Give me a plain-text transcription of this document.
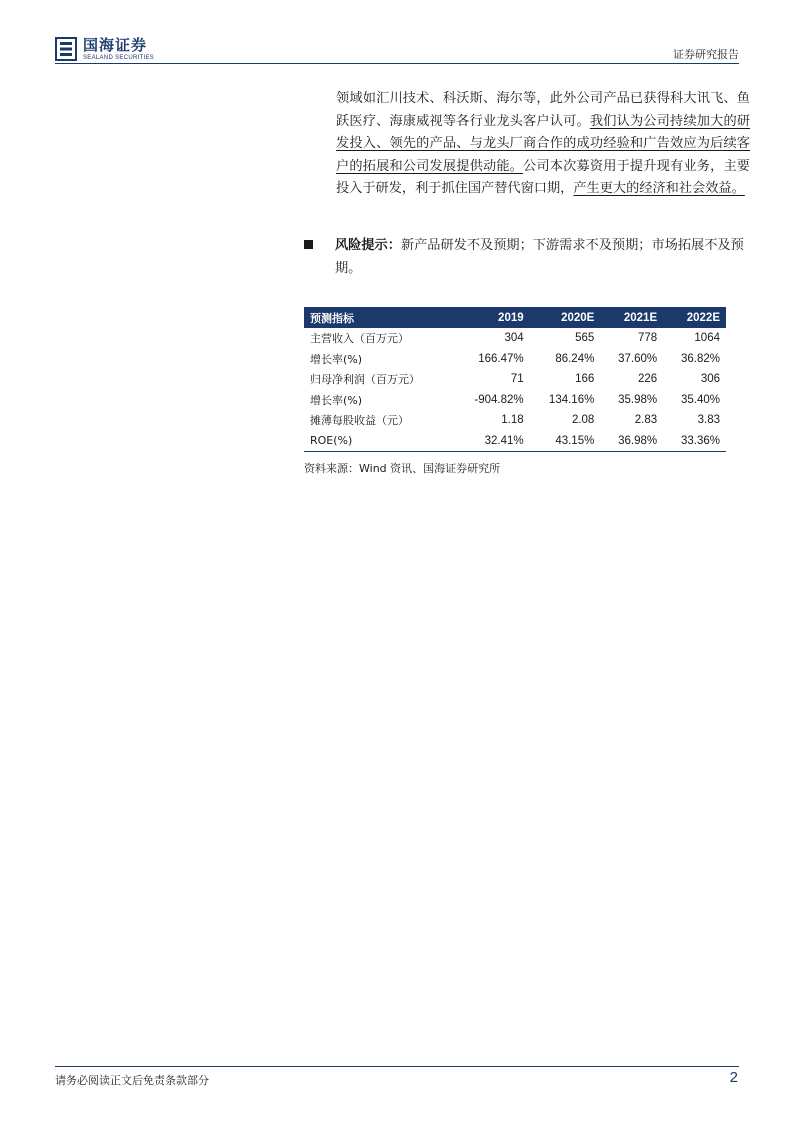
国海证券
SEALAND SECURITIES	证券研究报告
领域如汇川技术、科沃斯、海尔等，此外公司产品已获得科大讯飞、鱼跃医疗、海康威视等各行业龙头客户认可。我们认为公司持续加大的研发投入、领先的产品、与龙头厂商合作的成功经验和广告效应为后续客户的拓展和公司发展提供动能。公司本次募资用于提升现有业务，主要投入于研发，利于抓住国产替代窗口期，产生更大的经济和社会效益。
风险提示：新产品研发不及预期；下游需求不及预期；市场拓展不及预期。
预测指标	2019	2020E	2021E	2022E
主营收入（百万元）	304	565	778	1064
增长率(%)	166.47%	86.24%	37.60%	36.82%
归母净利润（百万元）	71	166	226	306
增长率(%)	-904.82%	134.16%	35.98%	35.40%
摊薄每股收益（元）	1.18	2.08	2.83	3.83
ROE(%)	32.41%	43.15%	36.98%	33.36%
资料来源：Wind 资讯、国海证券研究所
请务必阅读正文后免责条款部分	2
